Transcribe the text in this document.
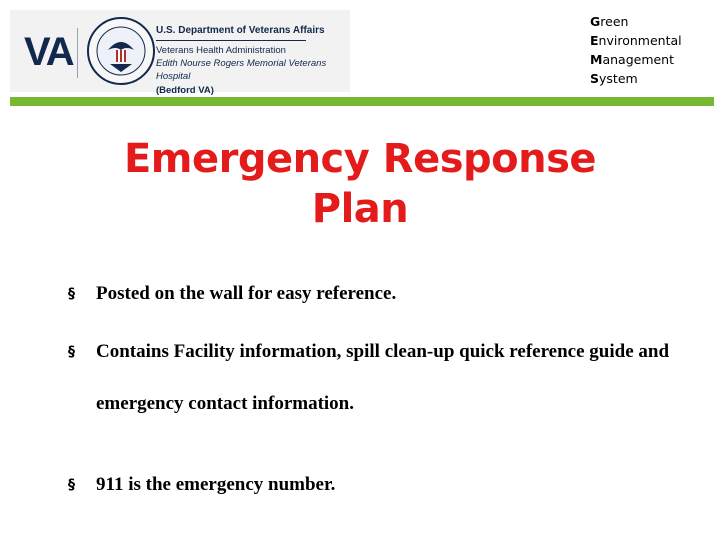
VA	U.S. Department of Veterans Affairs
Veterans Health Administration
Edith Nourse Rogers Memorial Veterans Hospital
(Bedford VA)
Green
Environmental
Management
System
Emergency Response
Plan
§ Posted on the wall for easy reference.
§ Contains Facility information, spill clean-up quick reference guide and emergency contact information.
§ 911 is the emergency number.
